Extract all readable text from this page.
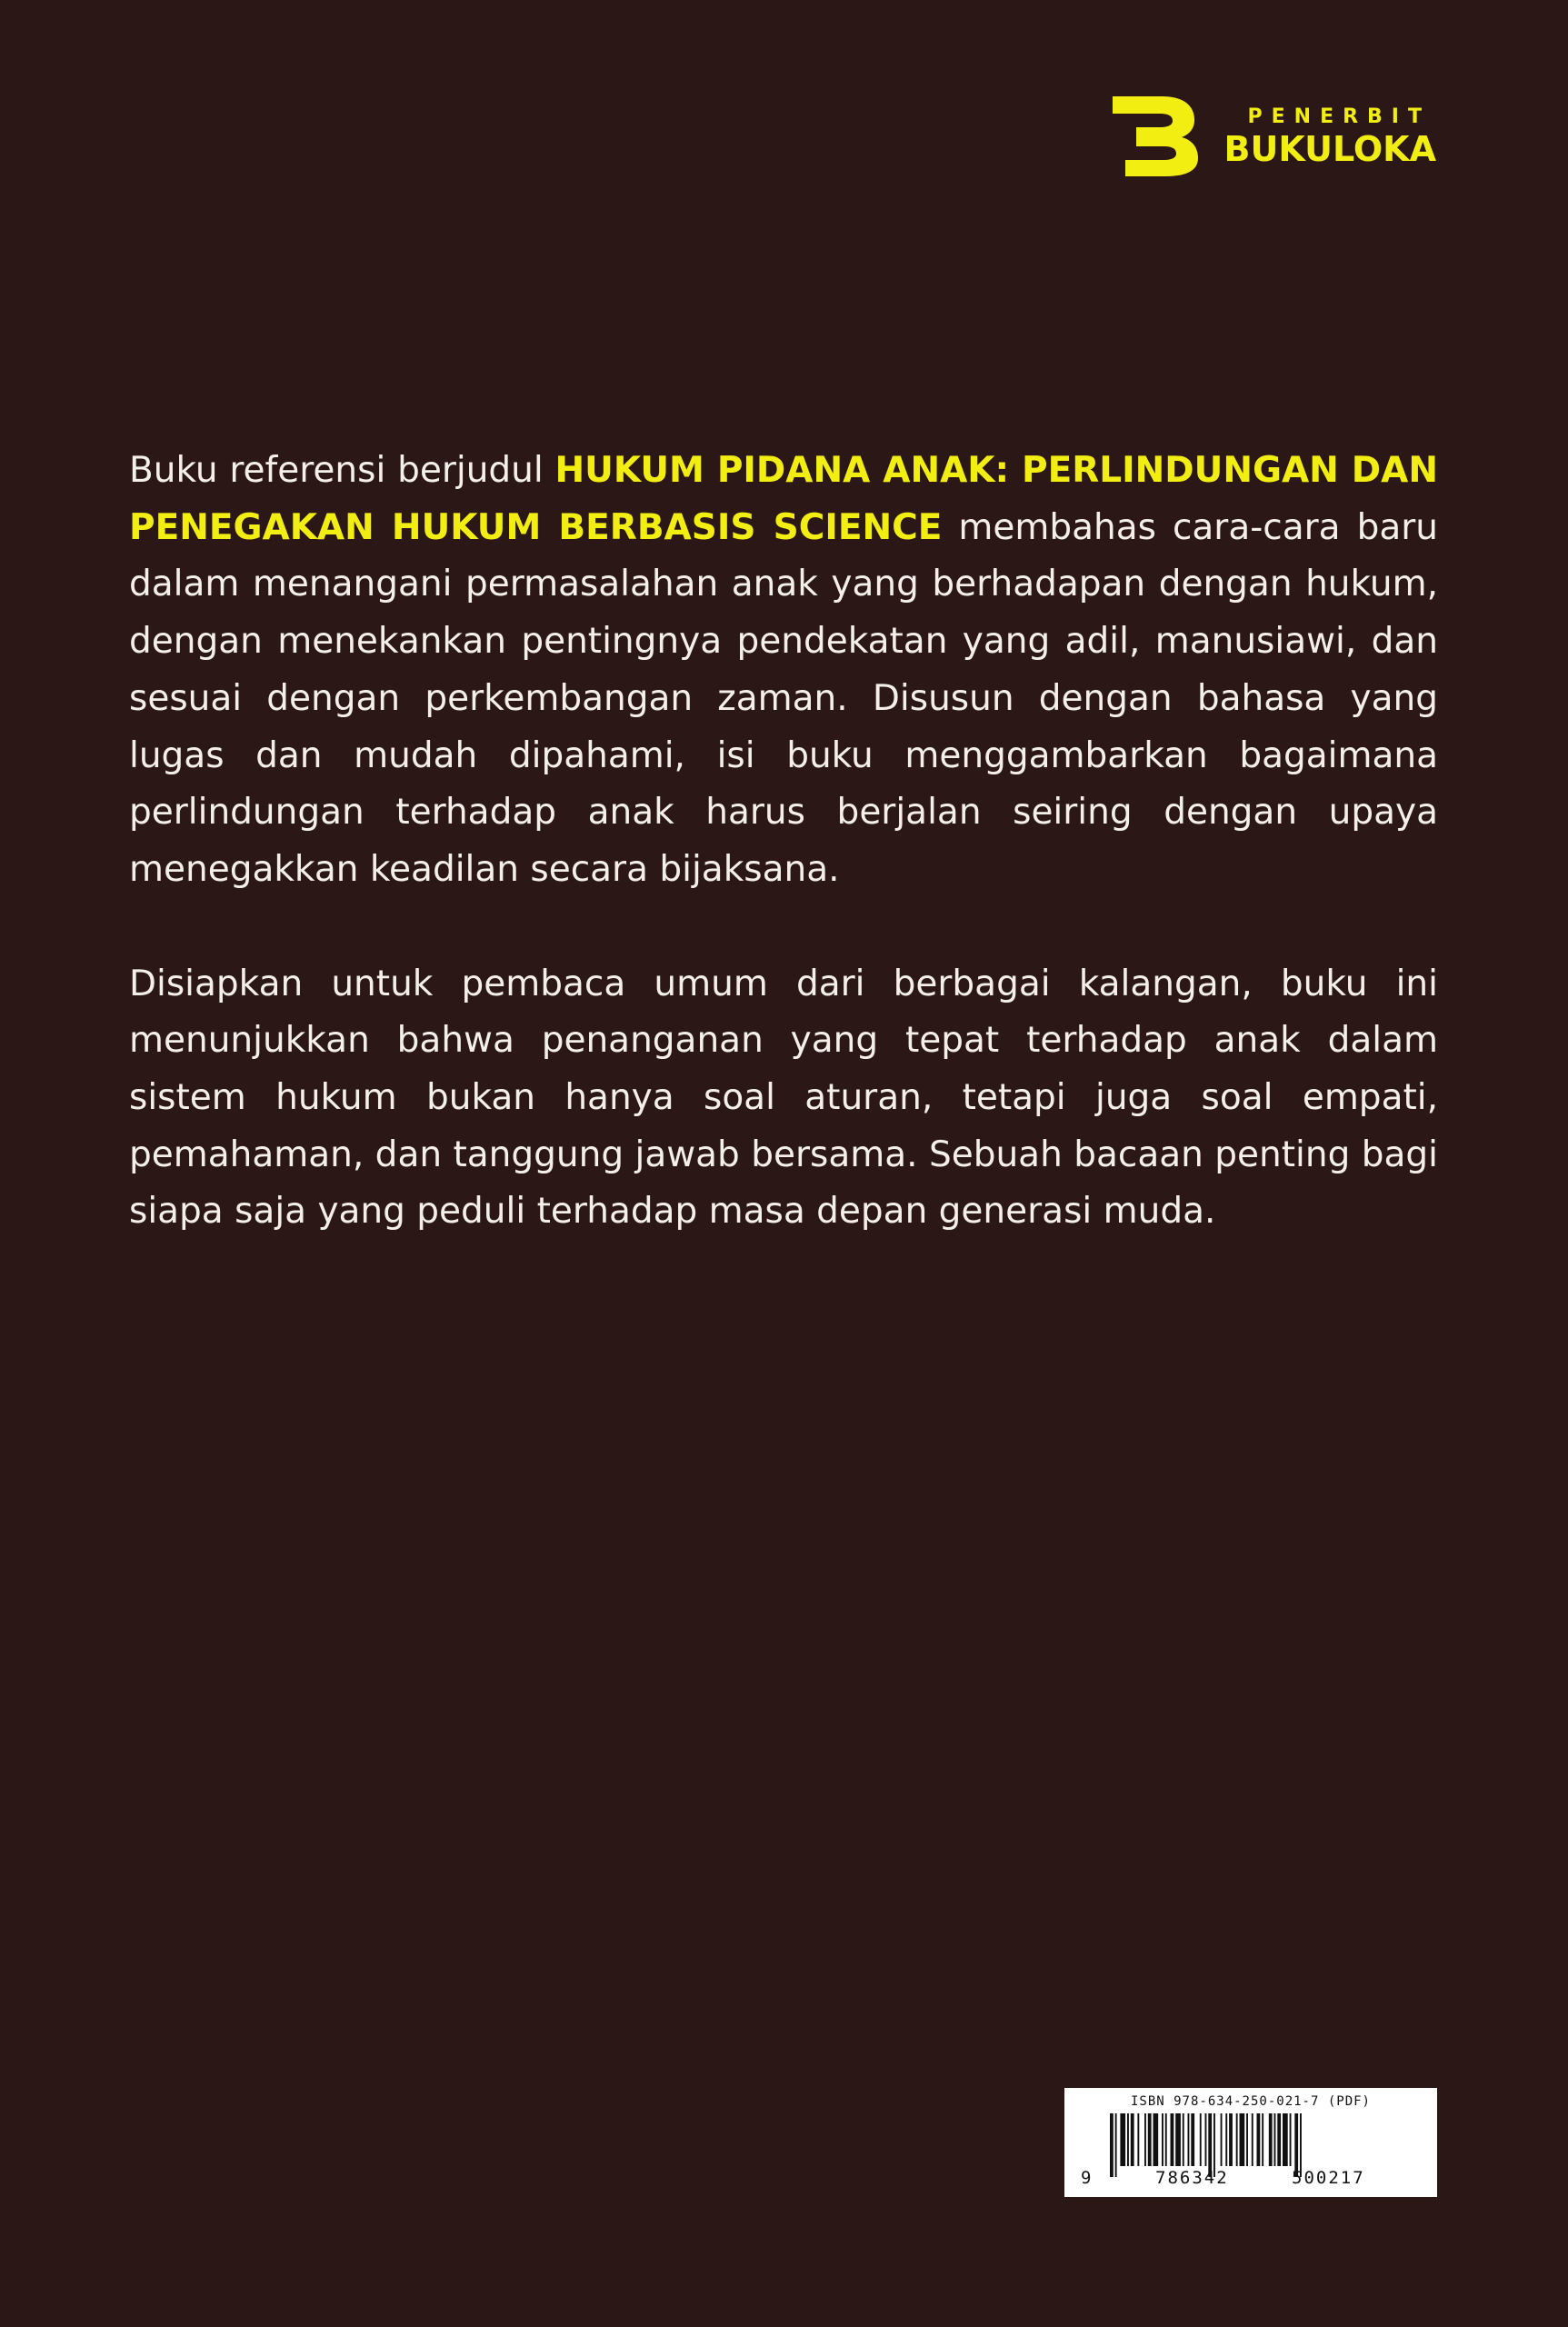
PENERBIT
BUKULOKA

Buku referensi berjudul HUKUM PIDANA ANAK: PERLINDUNGAN DAN PENEGAKAN HUKUM BERBASIS SCIENCE membahas cara-cara baru dalam menangani permasalahan anak yang berhadapan dengan hukum, dengan menekankan pentingnya pendekatan yang adil, manusiawi, dan sesuai dengan perkembangan zaman. Disusun dengan bahasa yang lugas dan mudah dipahami, isi buku menggambarkan bagaimana perlindungan terhadap anak harus berjalan seiring dengan upaya menegakkan keadilan secara bijaksana.

Disiapkan untuk pembaca umum dari berbagai kalangan, buku ini menunjukkan bahwa penanganan yang tepat terhadap anak dalam sistem hukum bukan hanya soal aturan, tetapi juga soal empati, pemahaman, dan tanggung jawab bersama. Sebuah bacaan penting bagi siapa saja yang peduli terhadap masa depan generasi muda.

ISBN 978-634-250-021-7 (PDF)
9	786342	500217
